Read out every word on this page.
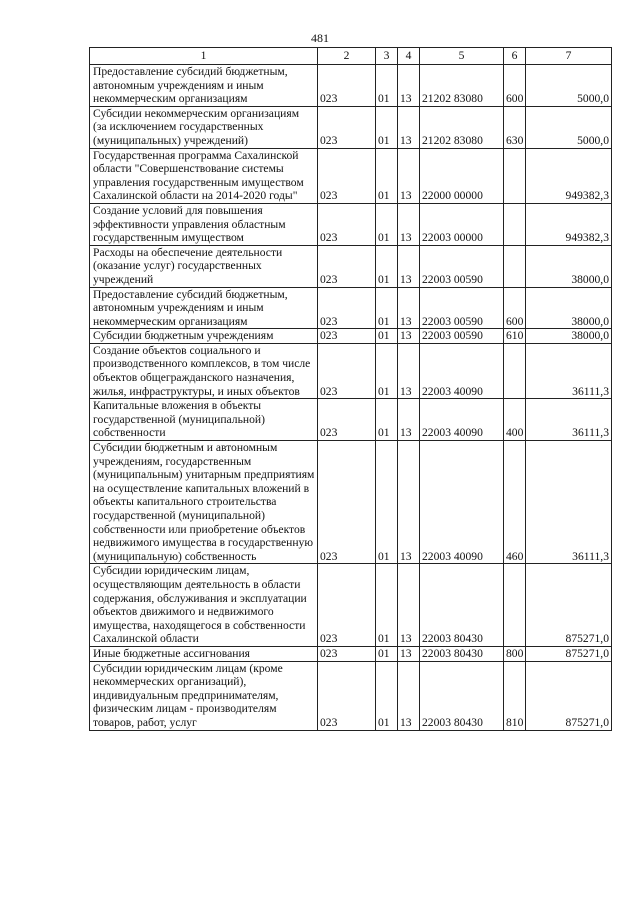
481
1	2	3	4	5	6	7
Предоставление субсидий бюджетным, автономным учреждениям и иным некоммерческим организациям	023	01	13	21202 83080	600	5000,0
Субсидии некоммерческим организациям (за исключением государственных (муниципальных) учреждений)	023	01	13	21202 83080	630	5000,0
Государственная программа Сахалинской области "Совершенствование системы управления государственным имуществом Сахалинской области на 2014-2020 годы"	023	01	13	22000 00000		949382,3
Создание условий для повышения эффективности управления областным государственным имуществом	023	01	13	22003 00000		949382,3
Расходы на обеспечение деятельности (оказание услуг) государственных учреждений	023	01	13	22003 00590		38000,0
Предоставление субсидий бюджетным, автономным учреждениям и иным некоммерческим организациям	023	01	13	22003 00590	600	38000,0
Субсидии бюджетным учреждениям	023	01	13	22003 00590	610	38000,0
Создание объектов социального и производственного комплексов, в том числе объектов общегражданского назначения, жилья, инфраструктуры, и иных объектов	023	01	13	22003 40090		36111,3
Капитальные вложения в объекты государственной (муниципальной) собственности	023	01	13	22003 40090	400	36111,3
Субсидии бюджетным и автономным учреждениям, государственным (муниципальным) унитарным предприятиям на осуществление капитальных вложений в объекты капитального строительства государственной (муниципальной) собственности или приобретение объектов недвижимого имущества в государственную (муниципальную) собственность	023	01	13	22003 40090	460	36111,3
Субсидии юридическим лицам, осуществляющим деятельность в области содержания, обслуживания и эксплуатации объектов движимого и недвижимого имущества, находящегося в собственности Сахалинской области	023	01	13	22003 80430		875271,0
Иные бюджетные ассигнования	023	01	13	22003 80430	800	875271,0
Субсидии юридическим лицам (кроме некоммерческих организаций), индивидуальным предпринимателям, физическим лицам - производителям товаров, работ, услуг	023	01	13	22003 80430	810	875271,0
